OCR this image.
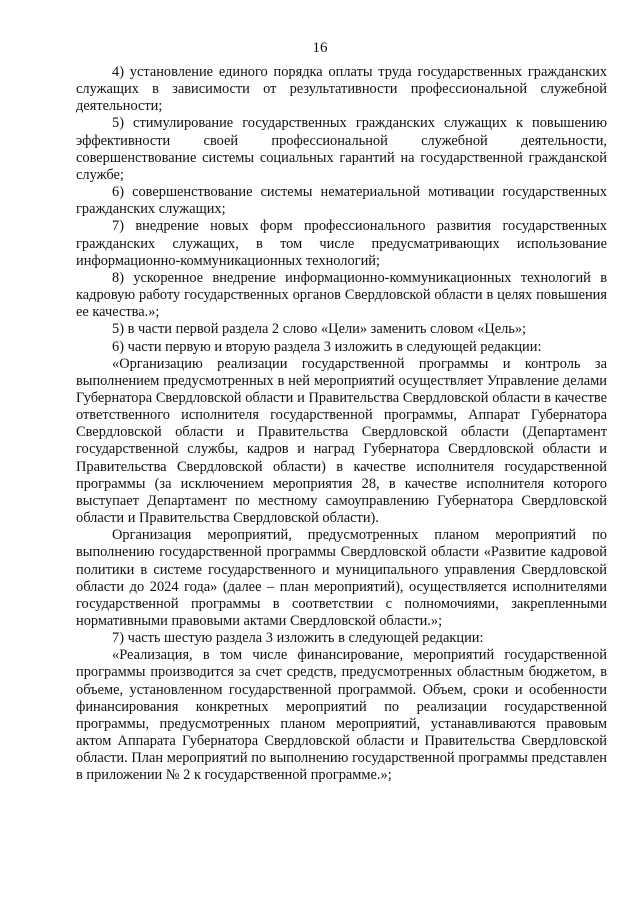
16

4) установление единого порядка оплаты труда государственных гражданских служащих в зависимости от результативности профессиональной служебной деятельности;

5) стимулирование государственных гражданских служащих к повышению эффективности своей профессиональной служебной деятельности, совершенствование системы социальных гарантий на государственной гражданской службе;

6) совершенствование системы нематериальной мотивации государственных гражданских служащих;

7) внедрение новых форм профессионального развития государственных гражданских служащих, в том числе предусматривающих использование информационно-коммуникационных технологий;

8) ускоренное внедрение информационно-коммуникационных технологий в кадровую работу государственных органов Свердловской области в целях повышения ее качества.»;

5) в части первой раздела 2 слово «Цели» заменить словом «Цель»;

6) части первую и вторую раздела 3 изложить в следующей редакции:

«Организацию реализации государственной программы и контроль за выполнением предусмотренных в ней мероприятий осуществляет Управление делами Губернатора Свердловской области и Правительства Свердловской области в качестве ответственного исполнителя государственной программы, Аппарат Губернатора Свердловской области и Правительства Свердловской области (Департамент государственной службы, кадров и наград Губернатора Свердловской области и Правительства Свердловской области) в качестве исполнителя государственной программы (за исключением мероприятия 28, в качестве исполнителя которого выступает Департамент по местному самоуправлению Губернатора Свердловской области и Правительства Свердловской области).

Организация мероприятий, предусмотренных планом мероприятий по выполнению государственной программы Свердловской области «Развитие кадровой политики в системе государственного и муниципального управления Свердловской области до 2024 года» (далее – план мероприятий), осуществляется исполнителями государственной программы в соответствии с полномочиями, закрепленными нормативными правовыми актами Свердловской области.»;

7) часть шестую раздела 3 изложить в следующей редакции:

«Реализация, в том числе финансирование, мероприятий государственной программы производится за счет средств, предусмотренных областным бюджетом, в объеме, установленном государственной программой. Объем, сроки и особенности финансирования конкретных мероприятий по реализации государственной программы, предусмотренных планом мероприятий, устанавливаются правовым актом Аппарата Губернатора Свердловской области и Правительства Свердловской области. План мероприятий по выполнению государственной программы представлен в приложении № 2 к государственной программе.»;
